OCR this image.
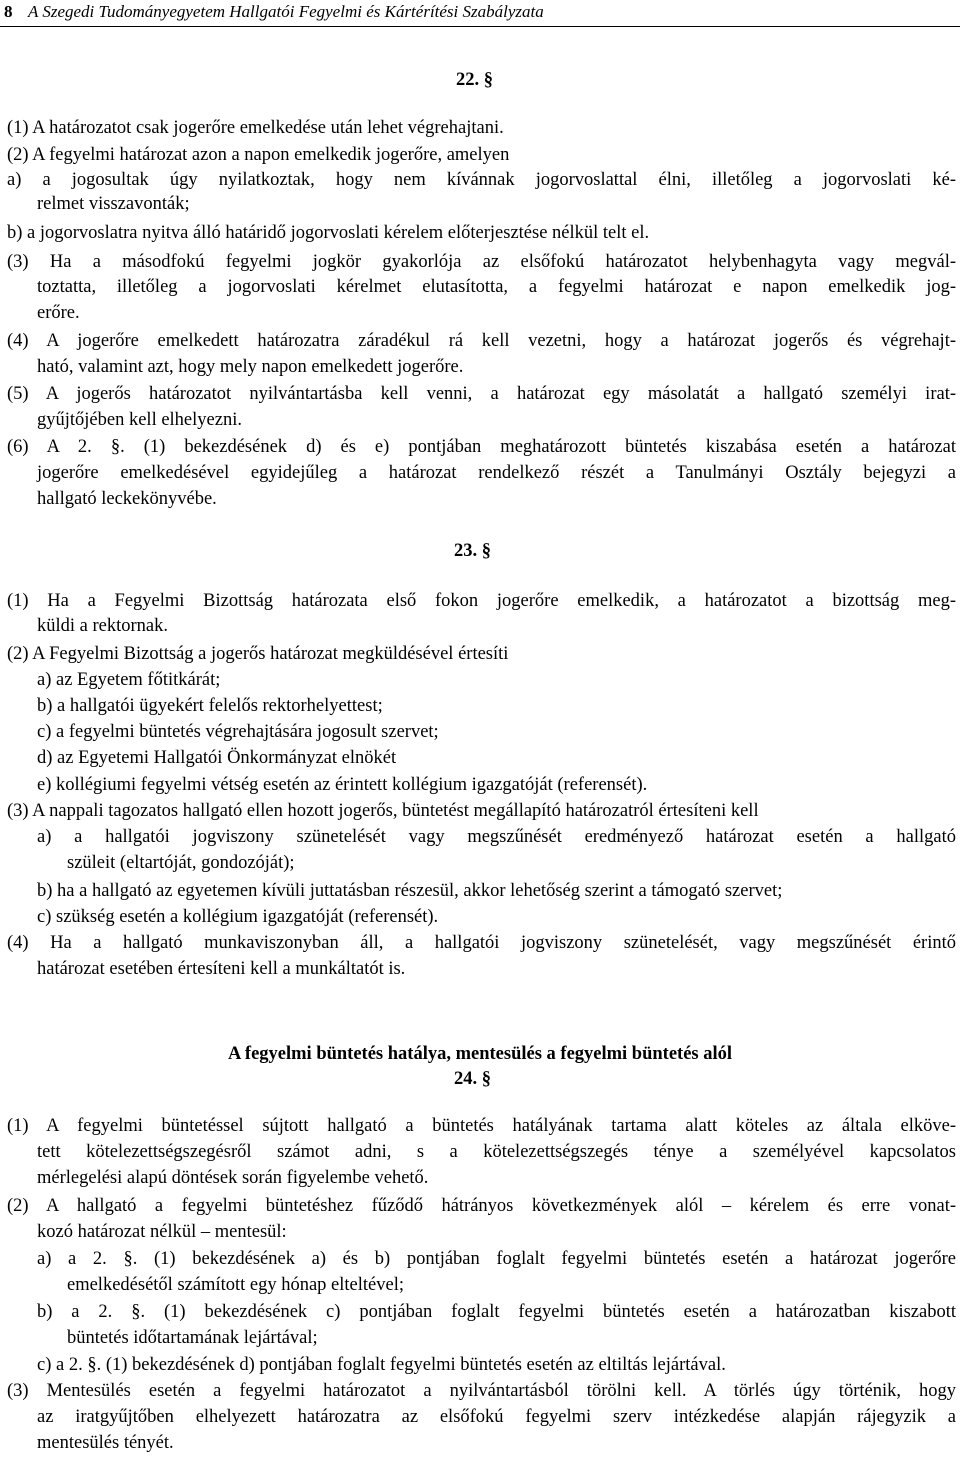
8 A Szegedi Tudományegyetem Hallgatói Fegyelmi és Kártérítési Szabályzata
22. §
(1) A határozatot csak jogerőre emelkedése után lehet végrehajtani.
(2) A fegyelmi határozat azon a napon emelkedik jogerőre, amelyen
a) a jogosultak úgy nyilatkoztak, hogy nem kívánnak jogorvoslattal élni, illetőleg a jogorvoslati ké-
relmet visszavonták;
b) a jogorvoslatra nyitva álló határidő jogorvoslati kérelem előterjesztése nélkül telt el.
(3) Ha a másodfokú fegyelmi jogkör gyakorlója az elsőfokú határozatot helybenhagyta vagy megvál-
toztatta, illetőleg a jogorvoslati kérelmet elutasította, a fegyelmi határozat e napon emelkedik jog-
erőre.
(4) A jogerőre emelkedett határozatra záradékul rá kell vezetni, hogy a határozat jogerős és végrehajt-
ható, valamint azt, hogy mely napon emelkedett jogerőre.
(5) A jogerős határozatot nyilvántartásba kell venni, a határozat egy másolatát a hallgató személyi irat-
gyűjtőjében kell elhelyezni.
(6) A 2. §. (1) bekezdésének d) és e) pontjában meghatározott büntetés kiszabása esetén a határozat
jogerőre emelkedésével egyidejűleg a határozat rendelkező részét a Tanulmányi Osztály bejegyzi a
hallgató leckekönyvébe.
23. §
(1) Ha a Fegyelmi Bizottság határozata első fokon jogerőre emelkedik, a határozatot a bizottság meg-
küldi a rektornak.
(2) A Fegyelmi Bizottság a jogerős határozat megküldésével értesíti
a) az Egyetem főtitkárát;
b) a hallgatói ügyekért felelős rektorhelyettest;
c) a fegyelmi büntetés végrehajtására jogosult szervet;
d) az Egyetemi Hallgatói Önkormányzat elnökét
e) kollégiumi fegyelmi vétség esetén az érintett kollégium igazgatóját (referensét).
(3) A nappali tagozatos hallgató ellen hozott jogerős, büntetést megállapító határozatról értesíteni kell
a) a hallgatói jogviszony szünetelését vagy megszűnését eredményező határozat esetén a hallgató
szüleit (eltartóját, gondozóját);
b) ha a hallgató az egyetemen kívüli juttatásban részesül, akkor lehetőség szerint a támogató szervet;
c) szükség esetén a kollégium igazgatóját (referensét).
(4) Ha a hallgató munkaviszonyban áll, a hallgatói jogviszony szünetelését, vagy megszűnését érintő
határozat esetében értesíteni kell a munkáltatót is.
A fegyelmi büntetés hatálya, mentesülés a fegyelmi büntetés alól
24. §
(1) A fegyelmi büntetéssel sújtott hallgató a büntetés hatályának tartama alatt köteles az általa elköve-
tett kötelezettségszegésről számot adni, s a kötelezettségszegés ténye a személyével kapcsolatos
mérlegelési alapú döntések során figyelembe vehető.
(2) A hallgató a fegyelmi büntetéshez fűződő hátrányos következmények alól – kérelem és erre vonat-
kozó határozat nélkül – mentesül:
a) a 2. §. (1) bekezdésének a) és b) pontjában foglalt fegyelmi büntetés esetén a határozat jogerőre
emelkedésétől számított egy hónap elteltével;
b) a 2. §. (1) bekezdésének c) pontjában foglalt fegyelmi büntetés esetén a határozatban kiszabott
büntetés időtartamának lejártával;
c) a 2. §. (1) bekezdésének d) pontjában foglalt fegyelmi büntetés esetén az eltiltás lejártával.
(3) Mentesülés esetén a fegyelmi határozatot a nyilvántartásból törölni kell. A törlés úgy történik, hogy
az iratgyűjtőben elhelyezett határozatra az elsőfokú fegyelmi szerv intézkedése alapján rájegyzik a
mentesülés tényét.
